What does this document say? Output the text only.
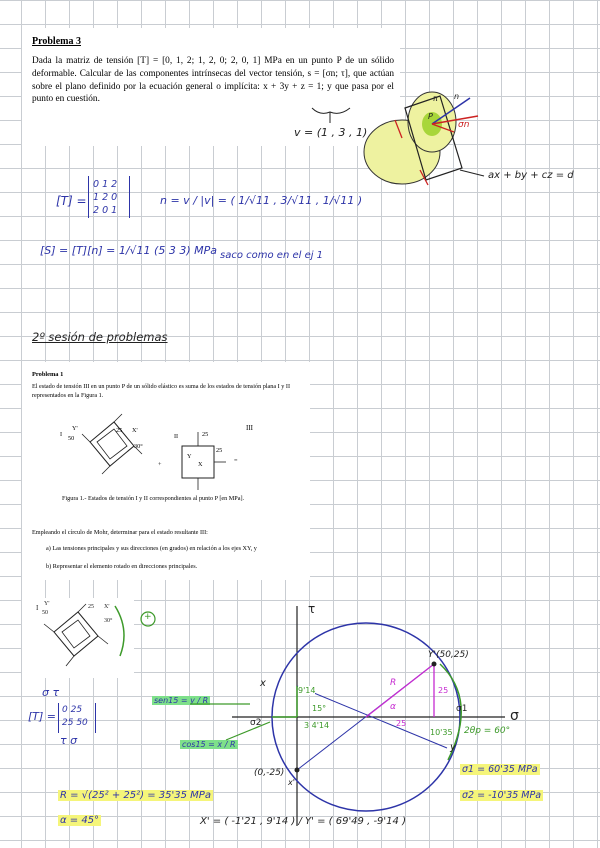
Problema 3

Dada la matriz de tensión [T] = [0, 1, 2; 1, 2, 0; 2, 0, 1] MPa en un punto P de un sólido deformable. Calcular de las componentes intrínsecas del vector tensión, s = [σn; τ], que actúan sobre el plano definido por la ecuación general o implícita: x + 3y + z = 1; y que pasa por el punto en cuestión.

v = (1 , 3 , 1)
ax + by + cz = d
π n
P
σn
[T] =
0 1 2
1 2 0
2 0 1
n = v / |v| = ( 1/√11 , 3/√11 , 1/√11 )
[S] = [T][n] = 1/√11 (5 3 3) MPa saco como en el ej 1
2º sesión de problemas
Problema 1
El estado de tensión III en un punto P de un sólido elástico es suma de los estados de tensión plana I y II representados en la Figura 1.
I
Y'
50
25 X'
30°
+
II	25
25
Y
X
=
III
Figura 1.- Estados de tensión I y II correspondientes al punto P [en MPa].
Empleando el círculo de Mohr, determinar para el estado resultante III:
a) Las tensiones principales y sus direcciones (en grados) en relación a los ejes XY, y
b) Representar el elemento rotado en direcciones principales.
I Y'
50
25 X'
30°	+
σ τ
[T] = 0 25
25 50
τ σ
R = √(25² + 25²) = 35'35 MPa
α = 45°
sen15 = y / R
cos15 = x / R
X' = ( -1'21 , 9'14 ) / Y' = ( 69'49 , -9'14 )
τ
σ
Y'(50,25)
(0,-25)
x
x'
y
R
α
9'14
15°
3 4'14	25
25
10'35 2θp = 60°
σ1
σ2
σ1 = 60'35 MPa
σ2 = -10'35 MPa
